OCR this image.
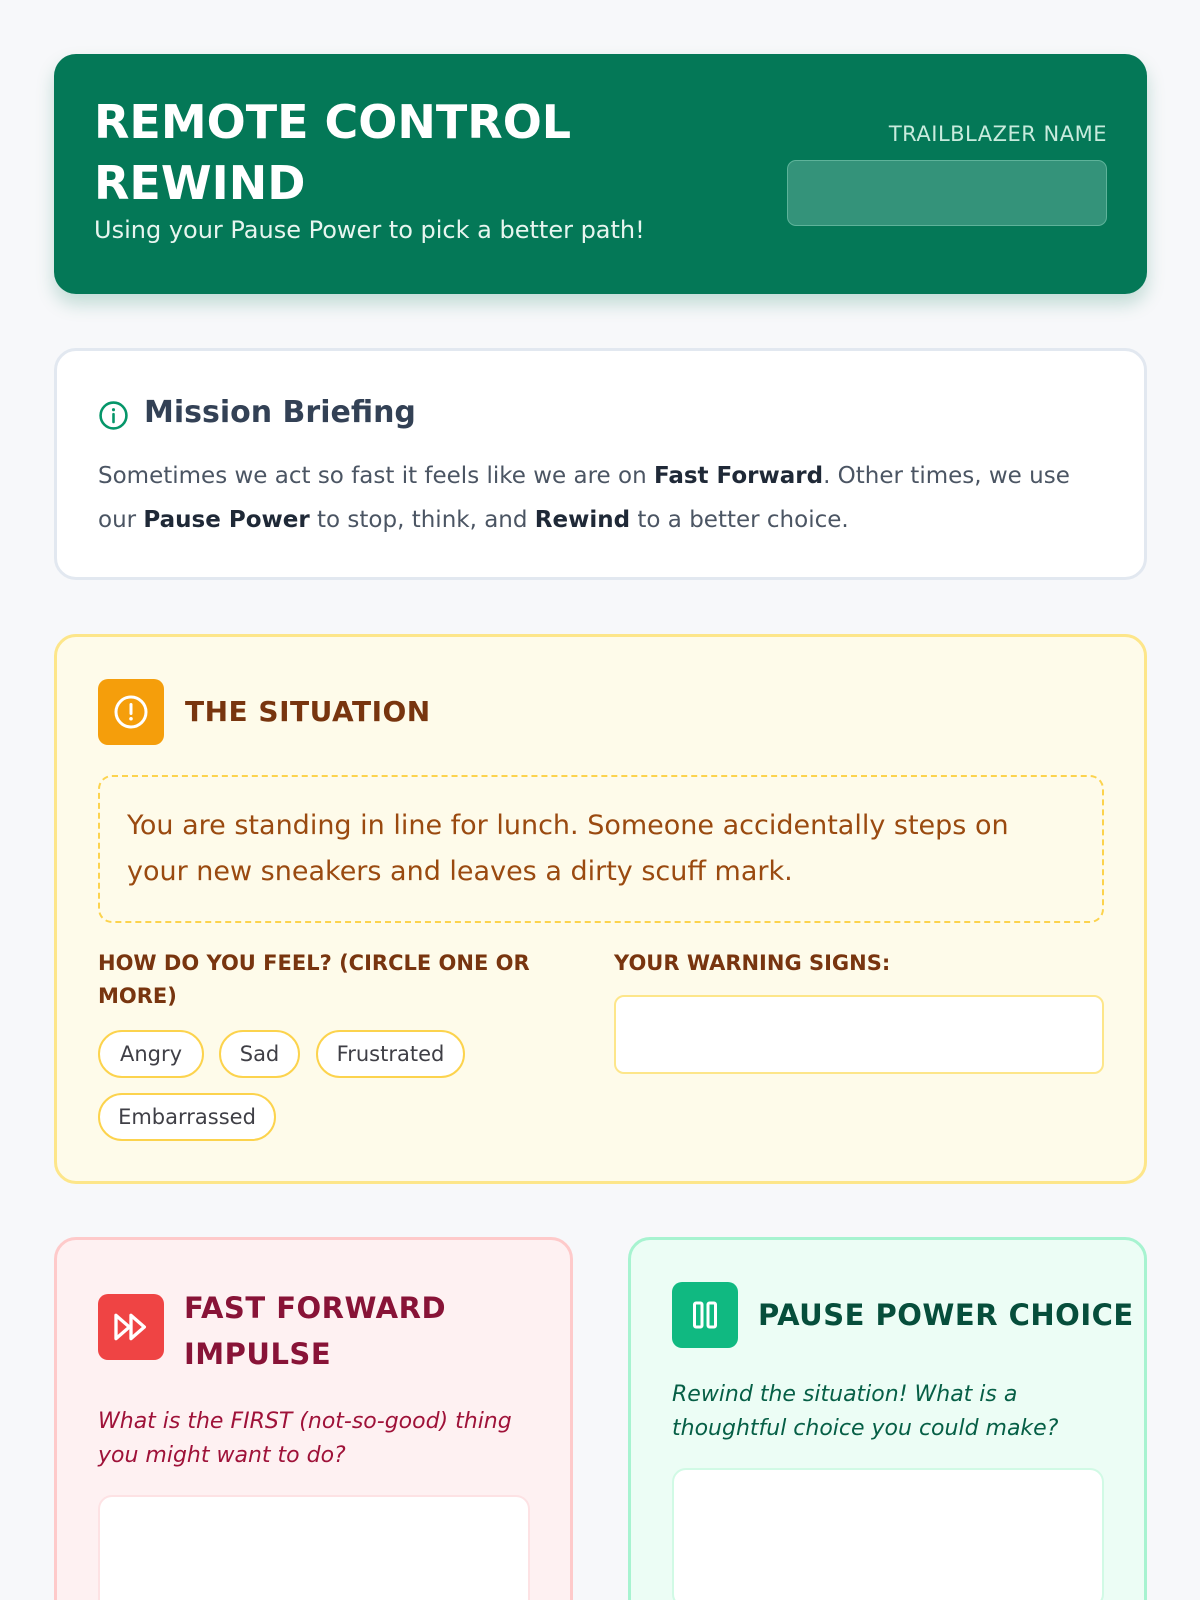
REMOTE CONTROL REWIND
Using your Pause Power to pick a better path!
TRAILBLAZER NAME
Mission Briefing
Sometimes we act so fast it feels like we are on Fast Forward. Other times, we use our Pause Power to stop, think, and Rewind to a better choice.
THE SITUATION
You are standing in line for lunch. Someone accidentally steps on your new sneakers and leaves a dirty scuff mark.
HOW DO YOU FEEL? (CIRCLE ONE OR MORE)
YOUR WARNING SIGNS:
Angry	Sad	Frustrated
Embarrassed
FAST FORWARD IMPULSE
What is the FIRST (not-so-good) thing you might want to do?
PAUSE POWER CHOICE
Rewind the situation! What is a thoughtful choice you could make?
